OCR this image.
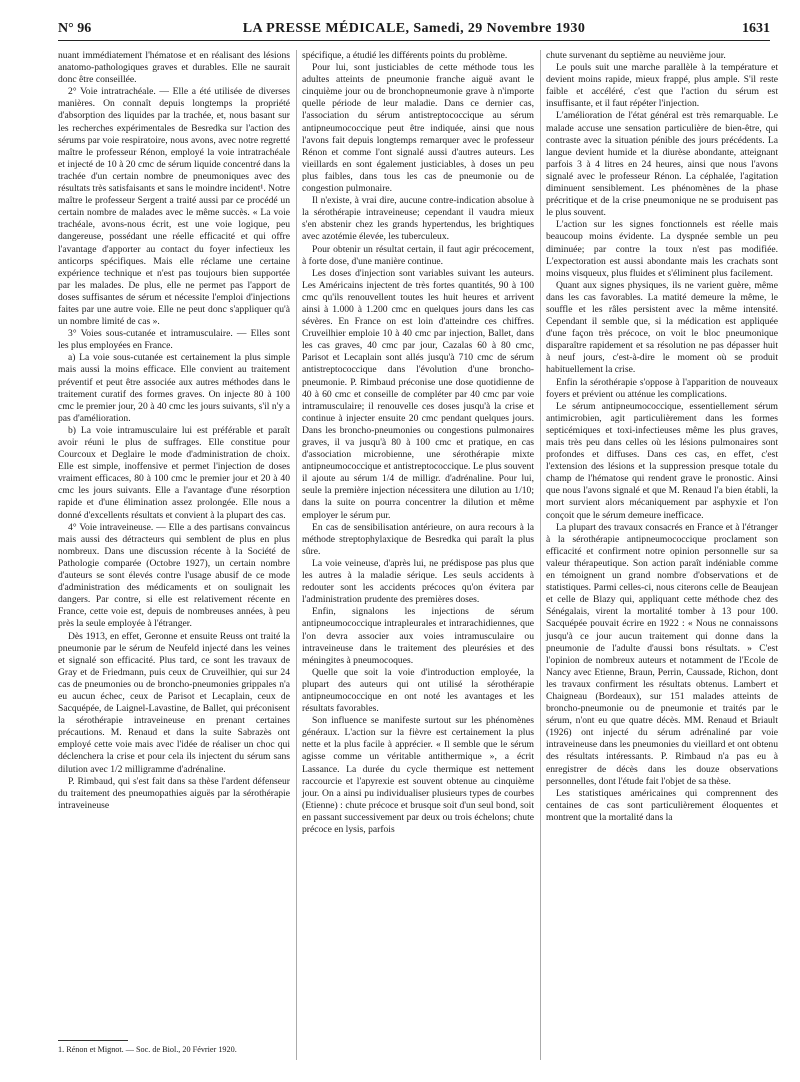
N° 96	LA PRESSE MÉDICALE, Samedi, 29 Novembre 1930	1631

nuant immédiatement l'hématose et en réalisant des lésions anatomo-pathologiques graves et durables. Elle ne saurait donc être conseillée.

2° Voie intratrachéale. — Elle a été utilisée de diverses manières. On connaît depuis longtemps la propriété d'absorption des liquides par la trachée, et, nous basant sur les recherches expérimentales de Besredka sur l'action des sérums par voie respiratoire, nous avons, avec notre regretté maître le professeur Rénon, employé la voie intratrachéale et injecté de 10 à 20 cmc de sérum liquide concentré dans la trachée d'un certain nombre de pneumoniques avec des résultats très satisfaisants et sans le moindre incident¹. Notre maître le professeur Sergent a traité aussi par ce procédé un certain nombre de malades avec le même succès. « La voie trachéale, avons-nous écrit, est une voie logique, peu dangereuse, possédant une réelle efficacité et qui offre l'avantage d'apporter au contact du foyer infectieux les anticorps spécifiques. Mais elle réclame une certaine expérience technique et n'est pas toujours bien supportée par les malades. De plus, elle ne permet pas l'apport de doses suffisantes de sérum et nécessite l'emploi d'injections faites par une autre voie. Elle ne peut donc s'appliquer qu'à un nombre limité de cas ».

3° Voies sous-cutanée et intramusculaire. — Elles sont les plus employées en France.

a) La voie sous-cutanée est certainement la plus simple mais aussi la moins efficace. Elle convient au traitement préventif et peut être associée aux autres méthodes dans le traitement curatif des formes graves. On injecte 80 à 100 cmc le premier jour, 20 à 40 cmc les jours suivants, s'il n'y a pas d'amélioration.

b) La voie intramusculaire lui est préférable et paraît avoir réuni le plus de suffrages. Elle constitue pour Courcoux et Deglaire le mode d'administration de choix. Elle est simple, inoffensive et permet l'injection de doses vraiment efficaces, 80 à 100 cmc le premier jour et 20 à 40 cmc les jours suivants. Elle a l'avantage d'une résorption rapide et d'une élimination assez prolongée. Elle nous a donné d'excellents résultats et convient à la plupart des cas.

4° Voie intraveineuse. — Elle a des partisans convaincus mais aussi des détracteurs qui semblent de plus en plus nombreux. Dans une discussion récente à la Société de Pathologie comparée (Octobre 1927), un certain nombre d'auteurs se sont élevés contre l'usage abusif de ce mode d'administration des médicaments et on soulignait les dangers. Par contre, si elle est relativement récente en France, cette voie est, depuis de nombreuses années, à peu près la seule employée à l'étranger.

Dès 1913, en effet, Geronne et ensuite Reuss ont traité la pneumonie par le sérum de Neufeld injecté dans les veines et signalé son efficacité. Plus tard, ce sont les travaux de Gray et de Friedmann, puis ceux de Cruveilhier, qui sur 24 cas de pneumonies ou de broncho-pneumonies grippales n'a eu aucun échec, ceux de Parisot et Lecaplain, ceux de Sacquépée, de Laignel-Lavastine, de Ballet, qui préconisent la sérothérapie intraveineuse en prenant certaines précautions. M. Renaud et dans la suite Sabrazès ont employé cette voie mais avec l'idée de réaliser un choc qui déclenchera la crise et pour cela ils injectent du sérum sans dilution avec 1/2 milligramme d'adrénaline.

P. Rimbaud, qui s'est fait dans sa thèse l'ardent défenseur du traitement des pneumopathies aiguës par la sérothérapie intraveineuse

spécifique, a étudié les différents points du problème.

Pour lui, sont justiciables de cette méthode tous les adultes atteints de pneumonie franche aiguë avant le cinquième jour ou de bronchopneumonie grave à n'importe quelle période de leur maladie. Dans ce dernier cas, l'association du sérum antistreptococcique au sérum antipneumococcique peut être indiquée, ainsi que nous l'avons fait depuis longtemps remarquer avec le professeur Rénon et comme l'ont signalé aussi d'autres auteurs. Les vieillards en sont également justiciables, à doses un peu plus faibles, dans tous les cas de pneumonie ou de congestion pulmonaire.

Il n'existe, à vrai dire, aucune contre-indication absolue à la sérothérapie intraveineuse; cependant il vaudra mieux s'en abstenir chez les grands hypertendus, les brightiques avec azotémie élevée, les tuberculeux.

Pour obtenir un résultat certain, il faut agir précocement, à forte dose, d'une manière continue.

Les doses d'injection sont variables suivant les auteurs. Les Américains injectent de très fortes quantités, 90 à 100 cmc qu'ils renouvellent toutes les huit heures et arrivent ainsi à 1.000 à 1.200 cmc en quelques jours dans les cas sévères. En France on est loin d'atteindre ces chiffres. Cruveilhier emploie 10 à 40 cmc par injection, Ballet, dans les cas graves, 40 cmc par jour, Cazalas 60 à 80 cmc, Parisot et Lecaplain sont allés jusqu'à 710 cmc de sérum antistreptococcique dans l'évolution d'une broncho-pneumonie. P. Rimbaud préconise une dose quotidienne de 40 à 60 cmc et conseille de compléter par 40 cmc par voie intramusculaire; il renouvelle ces doses jusqu'à la crise et continue à injecter ensuite 20 cmc pendant quelques jours. Dans les broncho-pneumonies ou congestions pulmonaires graves, il va jusqu'à 80 à 100 cmc et pratique, en cas d'association microbienne, une sérothérapie mixte antipneumococcique et antistreptococcique. Le plus souvent il ajoute au sérum 1/4 de milligr. d'adrénaline. Pour lui, seule la première injection nécessitera une dilution au 1/10; dans la suite on pourra concentrer la dilution et même employer le sérum pur.

En cas de sensibilisation antérieure, on aura recours à la méthode streptophylaxique de Besredka qui paraît la plus sûre.

La voie veineuse, d'après lui, ne prédispose pas plus que les autres à la maladie sérique. Les seuls accidents à redouter sont les accidents précoces qu'on évitera par l'administration prudente des premières doses.

Enfin, signalons les injections de sérum antipneumococcique intrapleurales et intrarachidiennes, que l'on devra associer aux voies intramusculaire ou intraveineuse dans le traitement des pleurésies et des méningites à pneumocoques.

Quelle que soit la voie d'introduction employée, la plupart des auteurs qui ont utilisé la sérothérapie antipneumococcique en ont noté les avantages et les résultats favorables.

Son influence se manifeste surtout sur les phénomènes généraux. L'action sur la fièvre est certainement la plus nette et la plus facile à apprécier. « Il semble que le sérum agisse comme un véritable antithermique », a écrit Lassance. La durée du cycle thermique est nettement raccourcie et l'apyrexie est souvent obtenue au cinquième jour. On a ainsi pu individualiser plusieurs types de courbes (Etienne) : chute précoce et brusque soit d'un seul bond, soit en passant successivement par deux ou trois échelons; chute précoce en lysis, parfois

chute survenant du septième au neuvième jour.

Le pouls suit une marche parallèle à la température et devient moins rapide, mieux frappé, plus ample. S'il reste faible et accéléré, c'est que l'action du sérum est insuffisante, et il faut répéter l'injection.

L'amélioration de l'état général est très remarquable. Le malade accuse une sensation particulière de bien-être, qui contraste avec la situation pénible des jours précédents. La langue devient humide et la diurèse abondante, atteignant parfois 3 à 4 litres en 24 heures, ainsi que nous l'avons signalé avec le professeur Rénon. La céphalée, l'agitation diminuent sensiblement. Les phénomènes de la phase précritique et de la crise pneumonique ne se produisent pas le plus souvent.

L'action sur les signes fonctionnels est réelle mais beaucoup moins évidente. La dyspnée semble un peu diminuée; par contre la toux n'est pas modifiée. L'expectoration est aussi abondante mais les crachats sont moins visqueux, plus fluides et s'éliminent plus facilement.

Quant aux signes physiques, ils ne varient guère, même dans les cas favorables. La matité demeure la même, le souffle et les râles persistent avec la même intensité. Cependant il semble que, si la médication est appliquée d'une façon très précoce, on voit le bloc pneumonique disparaître rapidement et sa résolution ne pas dépasser huit à neuf jours, c'est-à-dire le moment où se produit habituellement la crise.

Enfin la sérothérapie s'oppose à l'apparition de nouveaux foyers et prévient ou atténue les complications.

Le sérum antipneumococcique, essentiellement sérum antimicrobien, agit particulièrement dans les formes septicémiques et toxi-infectieuses même les plus graves, mais très peu dans celles où les lésions pulmonaires sont profondes et diffuses. Dans ces cas, en effet, c'est l'extension des lésions et la suppression presque totale du champ de l'hématose qui rendent grave le pronostic. Ainsi que nous l'avons signalé et que M. Renaud l'a bien établi, la mort survient alors mécaniquement par asphyxie et l'on conçoit que le sérum demeure inefficace.

La plupart des travaux consacrés en France et à l'étranger à la sérothérapie antipneumococcique proclament son efficacité et confirment notre opinion personnelle sur sa valeur thérapeutique. Son action paraît indéniable comme en témoignent un grand nombre d'observations et de statistiques. Parmi celles-ci, nous citerons celle de Beaujean et celle de Blazy qui, appliquant cette méthode chez des Sénégalais, virent la mortalité tomber à 13 pour 100. Sacquépée pouvait écrire en 1922 : « Nous ne connaissons jusqu'à ce jour aucun traitement qui donne dans la pneumonie de l'adulte d'aussi bons résultats. » C'est l'opinion de nombreux auteurs et notamment de l'Ecole de Nancy avec Etienne, Braun, Perrin, Caussade, Richon, dont les travaux confirment les résultats obtenus. Lambert et Chaigneau (Bordeaux), sur 151 malades atteints de broncho-pneumonie ou de pneumonie et traités par le sérum, n'ont eu que quatre décès. MM. Renaud et Briault (1926) ont injecté du sérum adrénaliné par voie intraveineuse dans les pneumonies du vieillard et ont obtenu des résultats intéressants. P. Rimbaud n'a pas eu à enregistrer de décès dans les douze observations personnelles, dont l'étude fait l'objet de sa thèse.

Les statistiques américaines qui comprennent des centaines de cas sont particulièrement éloquentes et montrent que la mortalité dans la

1. Rénon et Mignot. — Soc. de Biol., 20 Février 1920.
